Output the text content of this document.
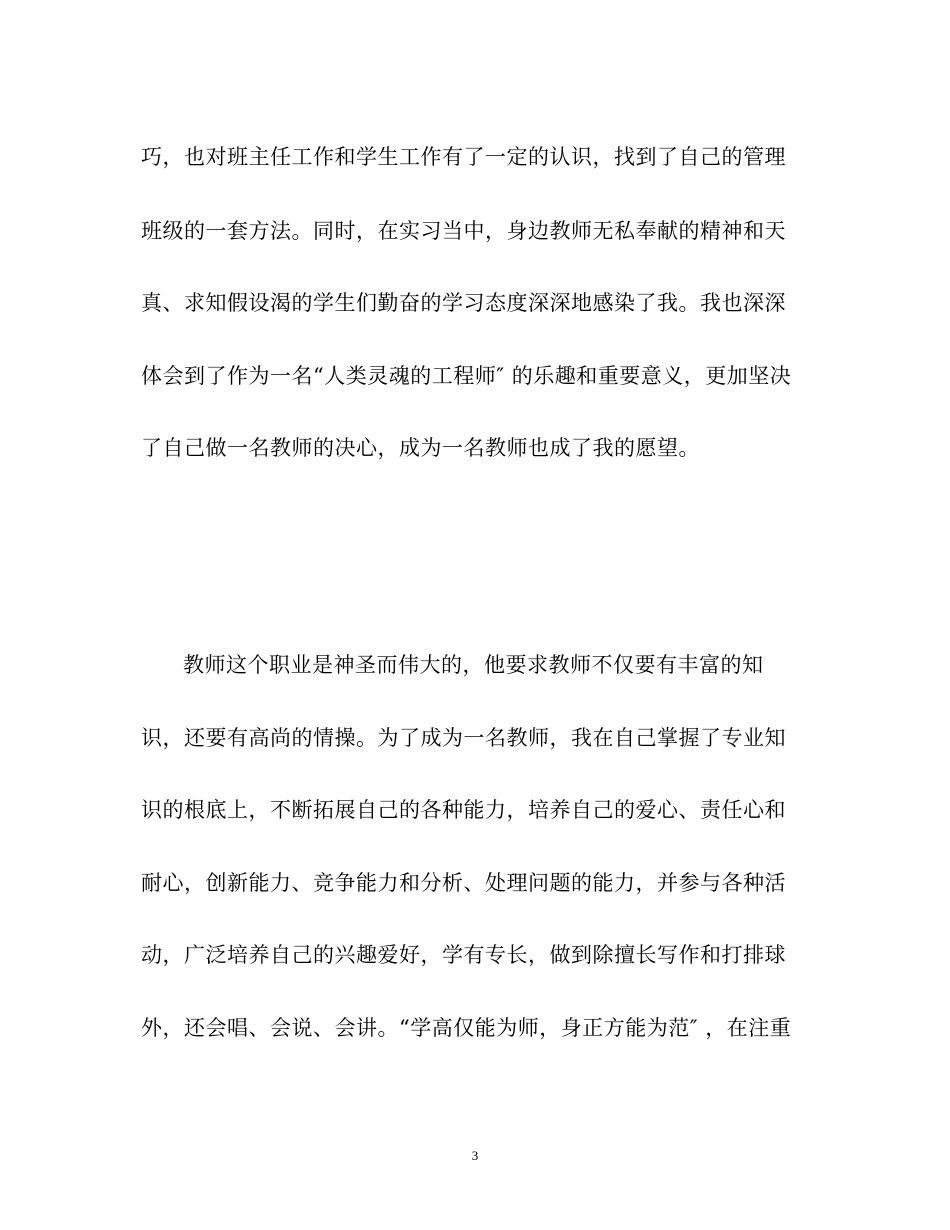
巧，也对班主任工作和学生工作有了一定的认识，找到了自己的管理
班级的一套方法。同时，在实习当中，身边教师无私奉献的精神和天
真、求知假设渴的学生们勤奋的学习态度深深地感染了我。我也深深
体会到了作为一名“人类灵魂的工程师″ 的乐趣和重要意义，更加坚决
了自己做一名教师的决心，成为一名教师也成了我的愿望。
教师这个职业是神圣而伟大的，他要求教师不仅要有丰富的知
识，还要有高尚的情操。为了成为一名教师，我在自己掌握了专业知
识的根底上，不断拓展自己的各种能力，培养自己的爱心、责任心和
耐心，创新能力、竞争能力和分析、处理问题的能力，并参与各种活
动，广泛培养自己的兴趣爱好，学有专长，做到除擅长写作和打排球
外，还会唱、会说、会讲。“学高仅能为师，身正方能为范″ ，在注重
3
